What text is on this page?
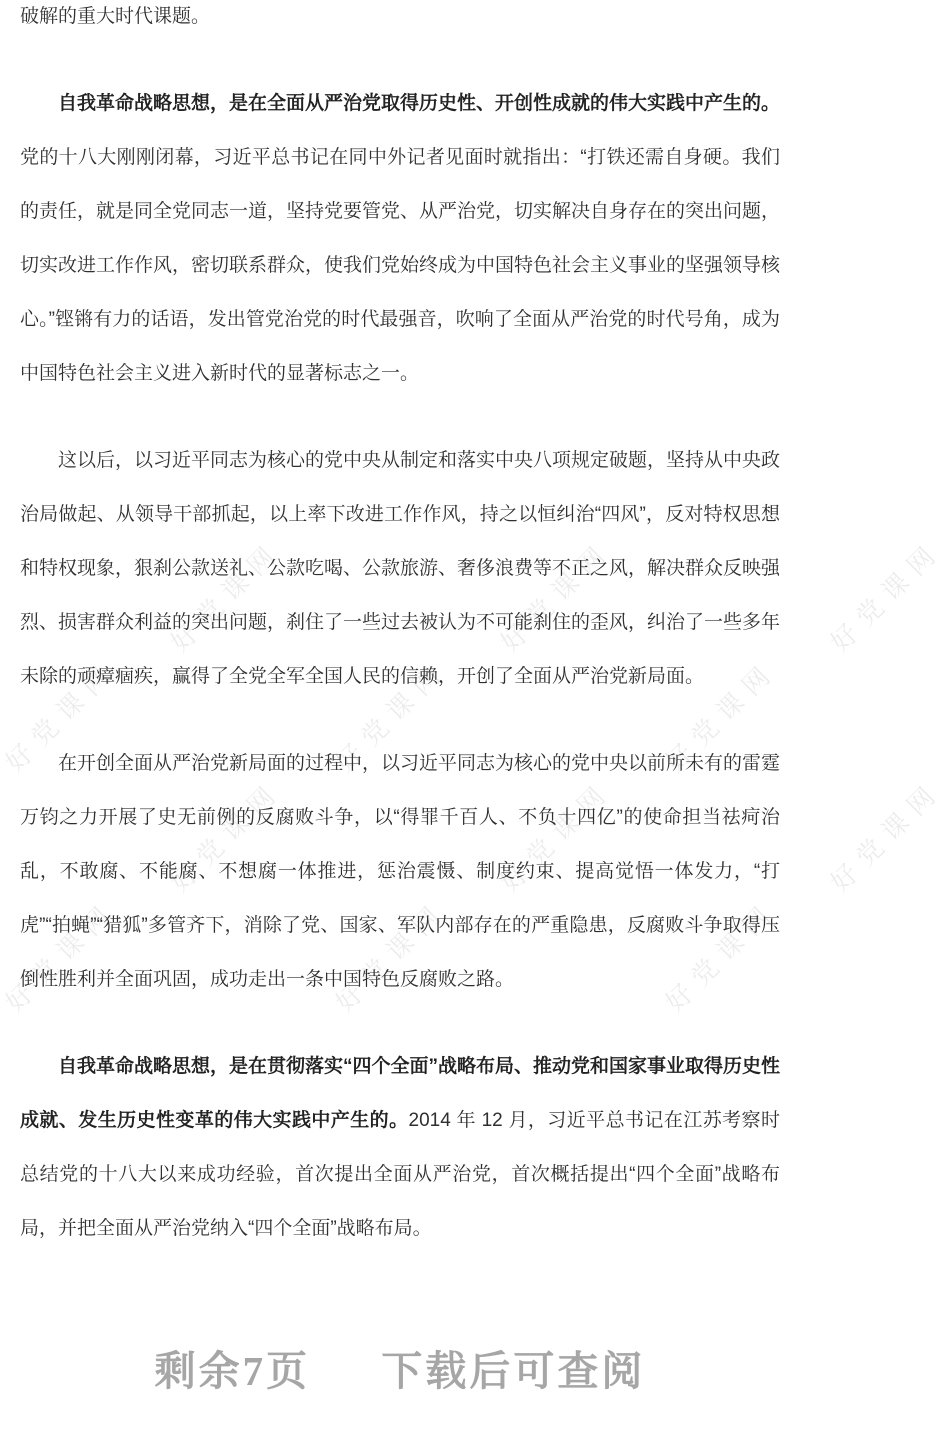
好党课网	好党课网	好党课网
好党课网	好党课网	好党课网
好党课网	好党课网	好党课网
好党课网	好党课网	好党课网

破解的重大时代课题。

自我革命战略思想，是在全面从严治党取得历史性、开创性成就的伟大实践中产生的。党的十八大刚刚闭幕，习近平总书记在同中外记者见面时就指出：“打铁还需自身硬。我们的责任，就是同全党同志一道，坚持党要管党、从严治党，切实解决自身存在的突出问题，切实改进工作作风，密切联系群众，使我们党始终成为中国特色社会主义事业的坚强领导核心。”铿锵有力的话语，发出管党治党的时代最强音，吹响了全面从严治党的时代号角，成为中国特色社会主义进入新时代的显著标志之一。

这以后，以习近平同志为核心的党中央从制定和落实中央八项规定破题，坚持从中央政治局做起、从领导干部抓起，以上率下改进工作作风，持之以恒纠治“四风”，反对特权思想和特权现象，狠刹公款送礼、公款吃喝、公款旅游、奢侈浪费等不正之风，解决群众反映强烈、损害群众利益的突出问题，刹住了一些过去被认为不可能刹住的歪风，纠治了一些多年未除的顽瘴痼疾，赢得了全党全军全国人民的信赖，开创了全面从严治党新局面。

在开创全面从严治党新局面的过程中，以习近平同志为核心的党中央以前所未有的雷霆万钧之力开展了史无前例的反腐败斗争，以“得罪千百人、不负十四亿”的使命担当祛疴治乱，不敢腐、不能腐、不想腐一体推进，惩治震慑、制度约束、提高觉悟一体发力，“打虎”“拍蝇”“猎狐”多管齐下，消除了党、国家、军队内部存在的严重隐患，反腐败斗争取得压倒性胜利并全面巩固，成功走出一条中国特色反腐败之路。

自我革命战略思想，是在贯彻落实“四个全面”战略布局、推动党和国家事业取得历史性成就、发生历史性变革的伟大实践中产生的。2014 年 12 月，习近平总书记在江苏考察时总结党的十八大以来成功经验，首次提出全面从严治党，首次概括提出“四个全面”战略布局，并把全面从严治党纳入“四个全面”战略布局。

剩余7页 下载后可查阅
